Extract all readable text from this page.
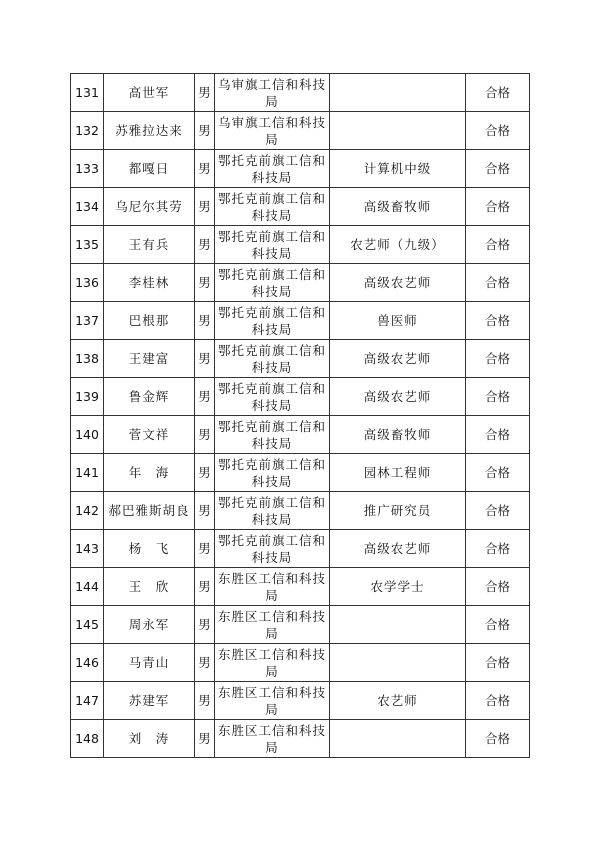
131	高世军	男	乌审旗工信和科技局		合格
132	苏雅拉达来	男	乌审旗工信和科技局		合格
133	都嘎日	男	鄂托克前旗工信和科技局	计算机中级	合格
134	乌尼尔其劳	男	鄂托克前旗工信和科技局	高级畜牧师	合格
135	王有兵	男	鄂托克前旗工信和科技局	农艺师（九级）	合格
136	李桂林	男	鄂托克前旗工信和科技局	高级农艺师	合格
137	巴根那	男	鄂托克前旗工信和科技局	兽医师	合格
138	王建富	男	鄂托克前旗工信和科技局	高级农艺师	合格
139	鲁金辉	男	鄂托克前旗工信和科技局	高级农艺师	合格
140	菅文祥	男	鄂托克前旗工信和科技局	高级畜牧师	合格
141	年　海	男	鄂托克前旗工信和科技局	园林工程师	合格
142	郝巴雅斯胡良	男	鄂托克前旗工信和科技局	推广研究员	合格
143	杨　飞	男	鄂托克前旗工信和科技局	高级农艺师	合格
144	王　欣	男	东胜区工信和科技局	农学学士	合格
145	周永军	男	东胜区工信和科技局		合格
146	马青山	男	东胜区工信和科技局		合格
147	苏建军	男	东胜区工信和科技局	农艺师	合格
148	刘　涛	男	东胜区工信和科技局		合格
